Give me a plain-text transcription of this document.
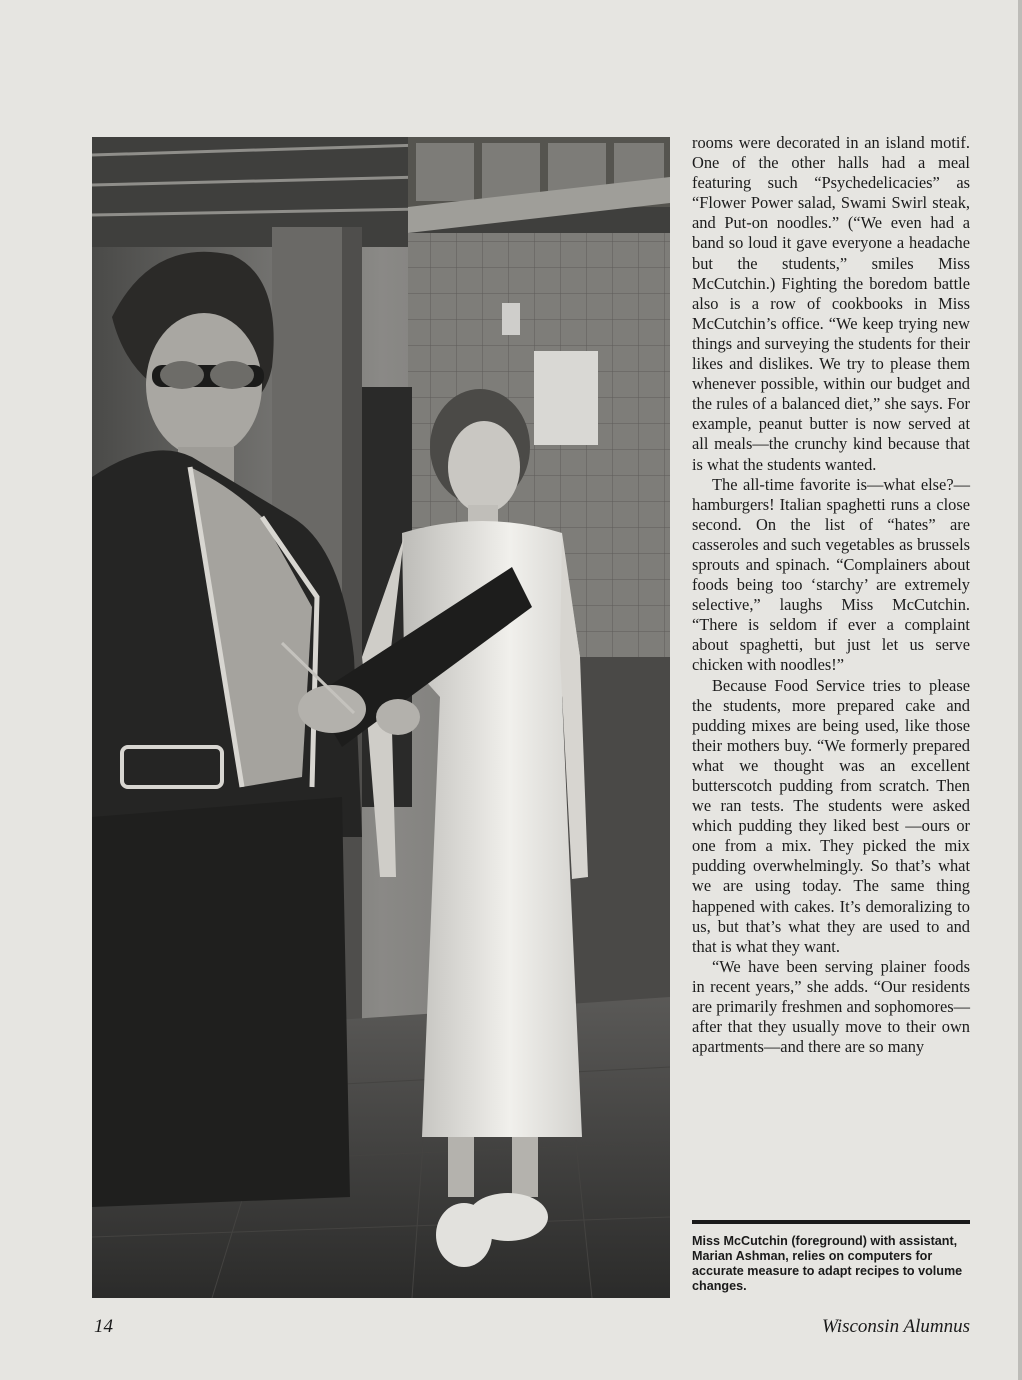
rooms were decorated in an island motif. One of the other halls had a meal featuring such “Psychedelicacies” as “Flower Power salad, Swami Swirl steak, and Put-on noodles.” (“We even had a band so loud it gave everyone a headache but the students,” smiles Miss McCutchin.) Fighting the boredom battle also is a row of cookbooks in Miss McCutchin’s office. “We keep trying new things and surveying the students for their likes and dislikes. We try to please them whenever possible, within our budget and the rules of a balanced diet,” she says. For example, peanut butter is now served at all meals—the crunchy kind because that is what the students wanted.

The all-time favorite is—what else?—hamburgers! Italian spaghetti runs a close second. On the list of “hates” are casseroles and such vegetables as brussels sprouts and spinach. “Complainers about foods being too ‘starchy’ are extremely selective,” laughs Miss McCutchin. “There is seldom if ever a complaint about spaghetti, but just let us serve chicken with noodles!”

Because Food Service tries to please the students, more prepared cake and pudding mixes are being used, like those their mothers buy. “We formerly prepared what we thought was an excellent butterscotch pudding from scratch. Then we ran tests. The students were asked which pudding they liked best —ours or one from a mix. They picked the mix pudding overwhelmingly. So that’s what we are using today. The same thing happened with cakes. It’s demoralizing to us, but that’s what they are used to and that is what they want.

“We have been serving plainer foods in recent years,” she adds. “Our residents are primarily freshmen and sophomores—after that they usually move to their own apartments—and there are so many

Miss McCutchin (foreground) with assistant, Marian Ashman, relies on computers for accurate measure to adapt recipes to volume changes.
14	Wisconsin Alumnus
